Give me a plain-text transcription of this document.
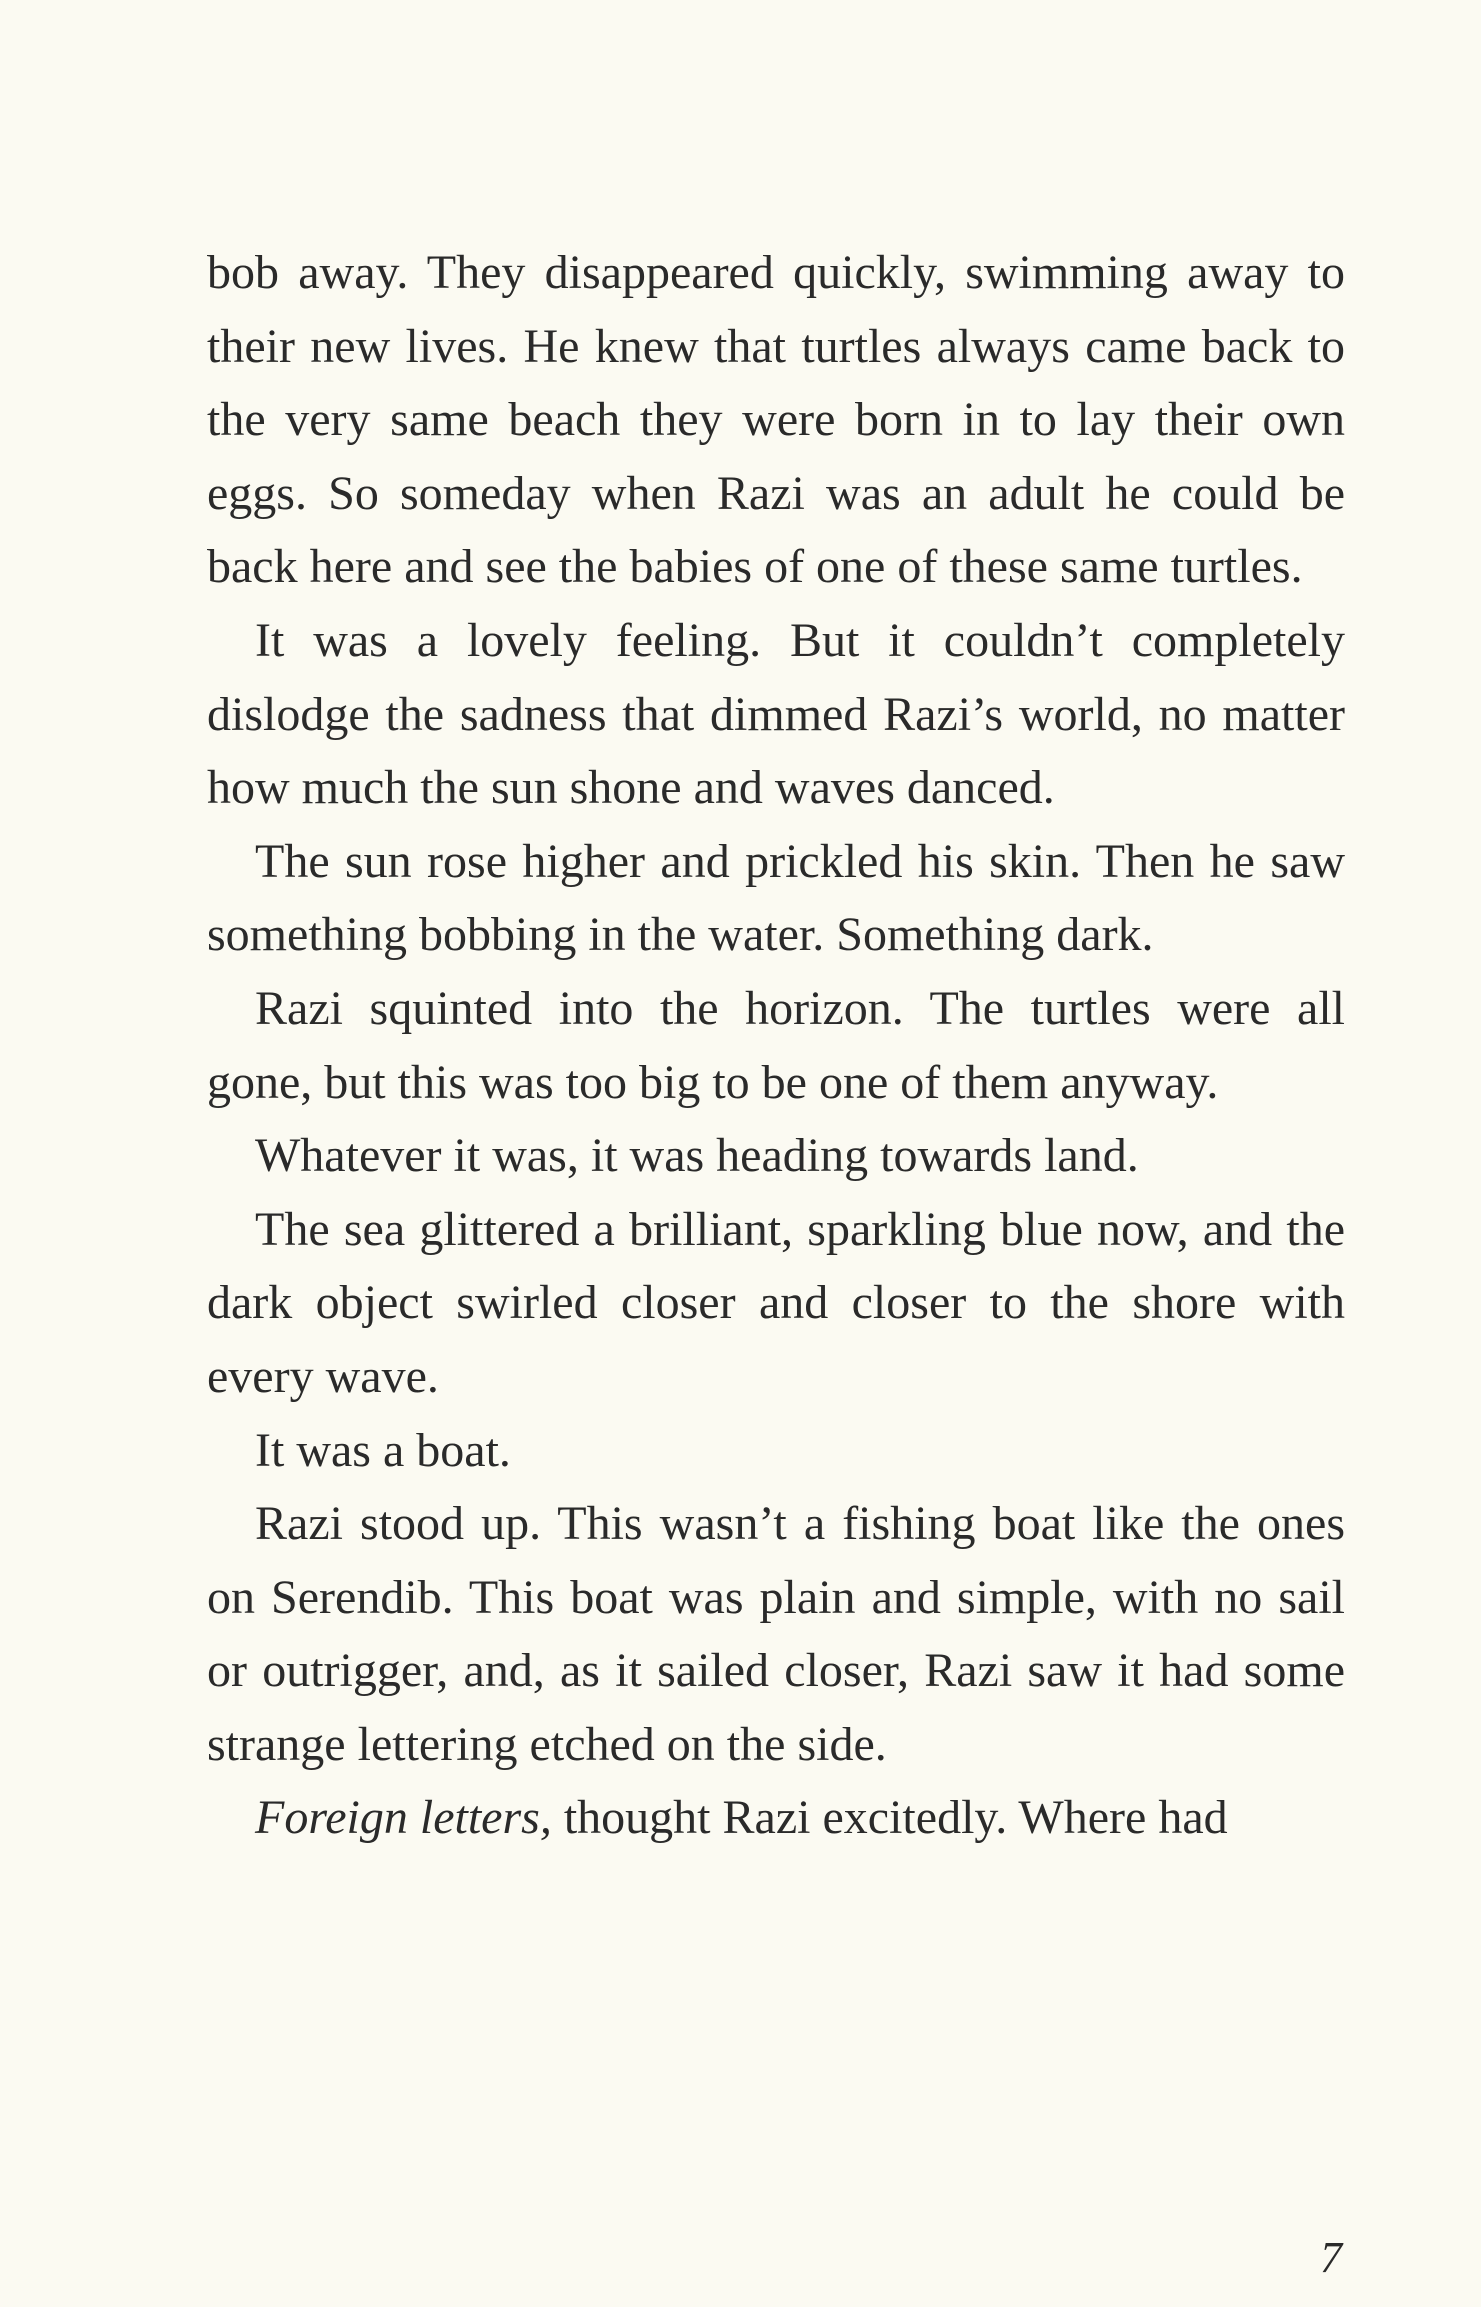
bob away. They disappeared quickly, swimming away to their new lives. He knew that turtles always came back to the very same beach they were born in to lay their own eggs. So someday when Razi was an adult he could be back here and see the babies of one of these same turtles.

It was a lovely feeling. But it couldn’t completely dislodge the sadness that dimmed Razi’s world, no matter how much the sun shone and waves danced.

The sun rose higher and prickled his skin. Then he saw something bobbing in the water. Something dark.

Razi squinted into the horizon. The turtles were all gone, but this was too big to be one of them anyway.

Whatever it was, it was heading towards land.

The sea glittered a brilliant, sparkling blue now, and the dark object swirled closer and closer to the shore with every wave.

It was a boat.

Razi stood up. This wasn’t a fishing boat like the ones on Serendib. This boat was plain and simple, with no sail or outrigger, and, as it sailed closer, Razi saw it had some strange lettering etched on the side.

Foreign letters, thought Razi excitedly. Where had

7
